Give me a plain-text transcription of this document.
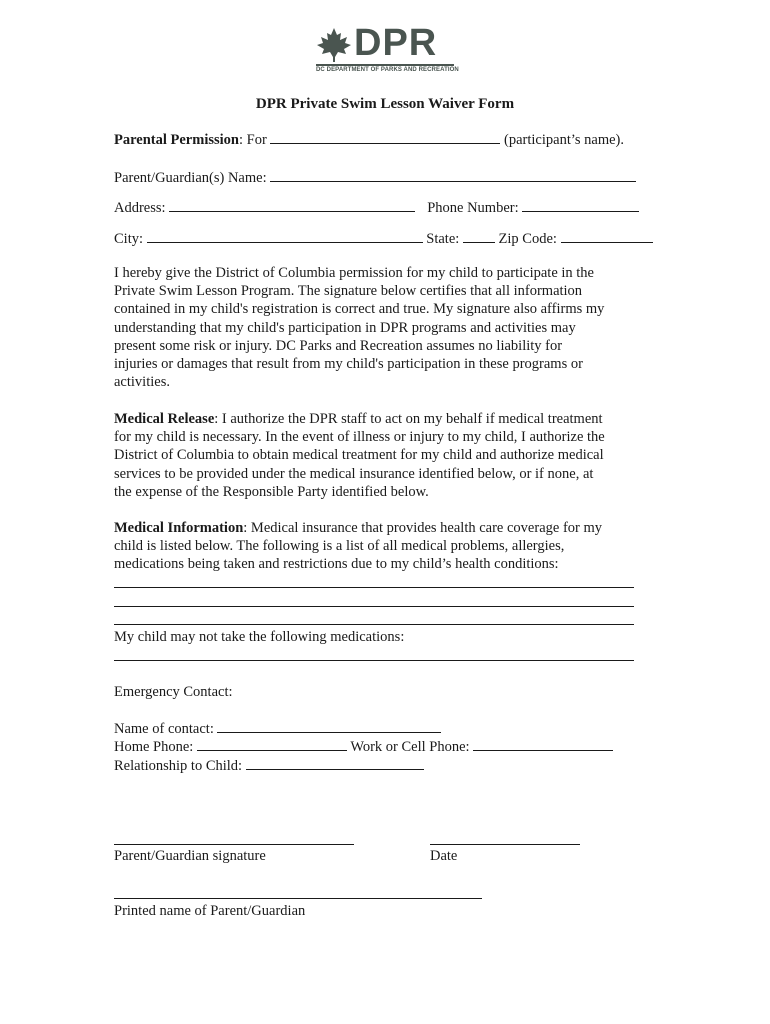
DPR
DC DEPARTMENT OF PARKS AND RECREATION
DPR Private Swim Lesson Waiver Form
Parental Permission: For	(participant’s name).
Parent/Guardian(s) Name:
Address:	Phone Number:
City:	State:  Zip Code:
I hereby give the District of Columbia permission for my child to participate in the
Private Swim Lesson Program. The signature below certifies that all information
contained in my child's registration is correct and true. My signature also affirms my
understanding that my child's participation in DPR programs and activities may
present some risk or injury. DC Parks and Recreation assumes no liability for
injuries or damages that result from my child's participation in these programs or
activities.
Medical Release: I authorize the DPR staff to act on my behalf if medical treatment
for my child is necessary. In the event of illness or injury to my child, I authorize the
District of Columbia to obtain medical treatment for my child and authorize medical
services to be provided under the medical insurance identified below, or if none, at
the expense of the Responsible Party identified below.
Medical Information: Medical insurance that provides health care coverage for my
child is listed below. The following is a list of all medical problems, allergies,
medications being taken and restrictions due to my child’s health conditions:
My child may not take the following medications:
Emergency Contact:
Name of contact:
Home Phone:	Work or Cell Phone:
Relationship to Child:
Parent/Guardian signature	Date
Printed name of Parent/Guardian
